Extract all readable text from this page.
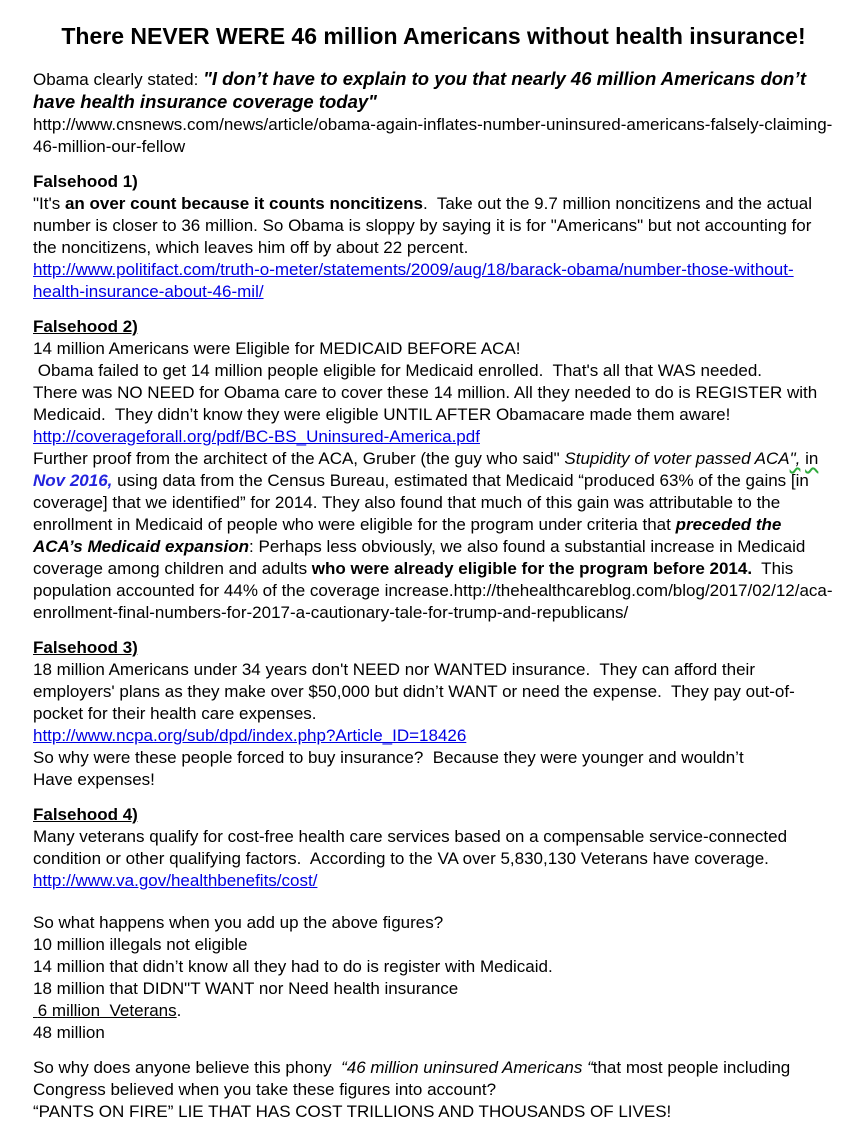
There NEVER WERE 46 million Americans without health insurance!
Obama clearly stated: "I don’t have to explain to you that nearly 46 million Americans don’t have health insurance coverage today"
http://www.cnsnews.com/news/article/obama-again-inflates-number-uninsured-americans-falsely-claiming-46-million-our-fellow
Falsehood 1)
"It's an over count because it counts noncitizens.  Take out the 9.7 million noncitizens and the actual number is closer to 36 million. So Obama is sloppy by saying it is for "Americans" but not accounting for the noncitizens, which leaves him off by about 22 percent.
http://www.politifact.com/truth-o-meter/statements/2009/aug/18/barack-obama/number-those-without-health-insurance-about-46-mil/
Falsehood 2)
14 million Americans were Eligible for MEDICAID BEFORE ACA!
Obama failed to get 14 million people eligible for Medicaid enrolled.  That's all that WAS needed.
There was NO NEED for Obama care to cover these 14 million. All they needed to do is REGISTER with Medicaid.  They didn’t know they were eligible UNTIL AFTER Obamacare made them aware!
http://coverageforall.org/pdf/BC-BS_Uninsured-America.pdf
Further proof from the architect of the ACA, Gruber (the guy who said" Stupidity of voter passed ACA", in Nov 2016, using data from the Census Bureau, estimated that Medicaid “produced 63% of the gains [in coverage] that we identified” for 2014. They also found that much of this gain was attributable to the enrollment in Medicaid of people who were eligible for the program under criteria that preceded the ACA’s Medicaid expansion: Perhaps less obviously, we also found a substantial increase in Medicaid coverage among children and adults who were already eligible for the program before 2014.  This population accounted for 44% of the coverage increase.http://thehealthcareblog.com/blog/2017/02/12/aca-enrollment-final-numbers-for-2017-a-cautionary-tale-for-trump-and-republicans/
Falsehood 3)
18 million Americans under 34 years don't NEED nor WANTED insurance.  They can afford their employers' plans as they make over $50,000 but didn’t WANT or need the expense.  They pay out-of-pocket for their health care expenses.
http://www.ncpa.org/sub/dpd/index.php?Article_ID=18426
So why were these people forced to buy insurance?  Because they were younger and wouldn’t
Have expenses!
Falsehood 4)
Many veterans qualify for cost-free health care services based on a compensable service-connected condition or other qualifying factors.  According to the VA over 5,830,130 Veterans have coverage.
http://www.va.gov/healthbenefits/cost/
So what happens when you add up the above figures?
10 million illegals not eligible
14 million that didn’t know all they had to do is register with Medicaid.
18 million that DIDN"T WANT nor Need health insurance
6 million  Veterans.
48 million
So why does anyone believe this phony  “46 million uninsured Americans “that most people including Congress believed when you take these figures into account?
“PANTS ON FIRE” LIE THAT HAS COST TRILLIONS AND THOUSANDS OF LIVES!
